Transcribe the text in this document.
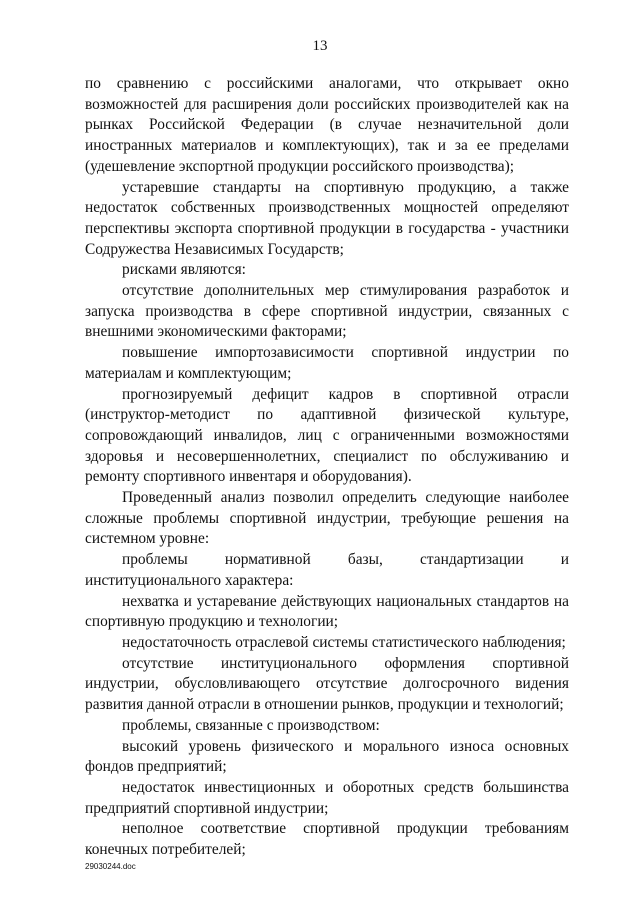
13

по сравнению с российскими аналогами, что открывает окно возможностей для расширения доли российских производителей как на рынках Российской Федерации (в случае незначительной доли иностранных материалов и комплектующих), так и за ее пределами (удешевление экспортной продукции российского производства);

устаревшие стандарты на спортивную продукцию, а также недостаток собственных производственных мощностей определяют перспективы экспорта спортивной продукции в государства - участники Содружества Независимых Государств;

рисками являются:

отсутствие дополнительных мер стимулирования разработок и запуска производства в сфере спортивной индустрии, связанных с внешними экономическими факторами;

повышение импортозависимости спортивной индустрии по материалам и комплектующим;

прогнозируемый дефицит кадров в спортивной отрасли (инструктор-методист по адаптивной физической культуре, сопровождающий инвалидов, лиц с ограниченными возможностями здоровья и несовершеннолетних, специалист по обслуживанию и ремонту спортивного инвентаря и оборудования).

Проведенный анализ позволил определить следующие наиболее сложные проблемы спортивной индустрии, требующие решения на системном уровне:

проблемы нормативной базы, стандартизации и институционального характера:

нехватка и устаревание действующих национальных стандартов на спортивную продукцию и технологии;

недостаточность отраслевой системы статистического наблюдения;

отсутствие институционального оформления спортивной индустрии, обусловливающего отсутствие долгосрочного видения развития данной отрасли в отношении рынков, продукции и технологий;

проблемы, связанные с производством:

высокий уровень физического и морального износа основных фондов предприятий;

недостаток инвестиционных и оборотных средств большинства предприятий спортивной индустрии;

неполное соответствие спортивной продукции требованиям конечных потребителей;

29030244.doc
